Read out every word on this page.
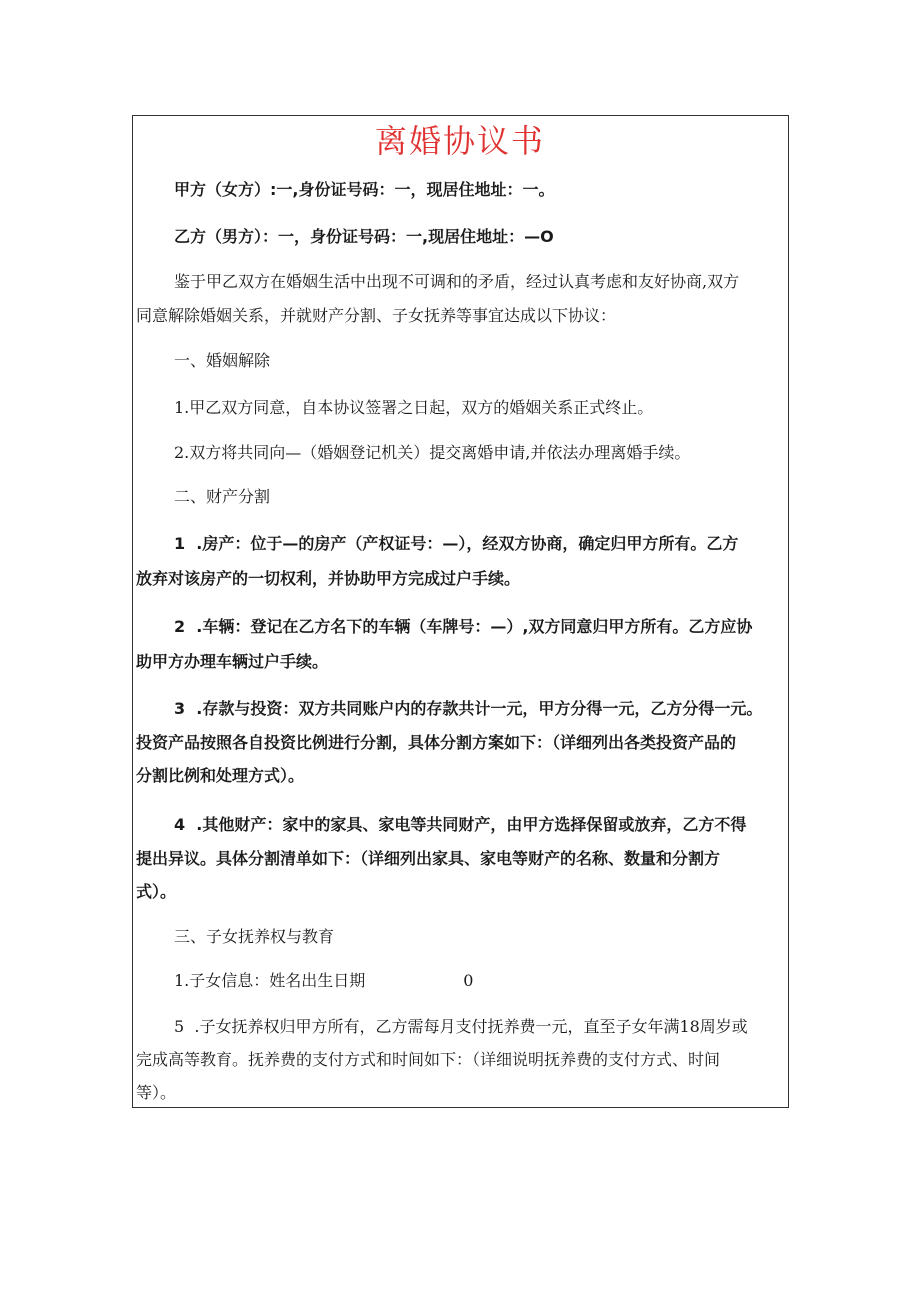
离婚协议书
甲方（女方）:一,身份证号码：一，现居住地址：一。
乙方（男方）：一，身份证号码：一,现居住地址：—O
鉴于甲乙双方在婚姻生活中出现不可调和的矛盾，经过认真考虑和友好协商,双方
同意解除婚姻关系，并就财产分割、子女抚养等事宜达成以下协议：
一、婚姻解除
1.甲乙双方同意，自本协议签署之日起，双方的婚姻关系正式终止。
2.双方将共同向—（婚姻登记机关）提交离婚申请,并依法办理离婚手续。
二、财产分割
1  .房产：位于—的房产（产权证号：—），经双方协商，确定归甲方所有。乙方
放弃对该房产的一切权利，并协助甲方完成过户手续。
2  .车辆：登记在乙方名下的车辆（车牌号：—）,双方同意归甲方所有。乙方应协
助甲方办理车辆过户手续。
3  .存款与投资：双方共同账户内的存款共计一元，甲方分得一元，乙方分得一元。
投资产品按照各自投资比例进行分割，具体分割方案如下：（详细列出各类投资产品的
分割比例和处理方式）。
4  .其他财产：家中的家具、家电等共同财产，由甲方选择保留或放弃，乙方不得
提出异议。具体分割清单如下：（详细列出家具、家电等财产的名称、数量和分割方
式）。
三、子女抚养权与教育
1.子女信息：姓名出生日期	0
5  .子女抚养权归甲方所有，乙方需每月支付抚养费一元，直至子女年满18周岁或
完成高等教育。抚养费的支付方式和时间如下：（详细说明抚养费的支付方式、时间
等）。
